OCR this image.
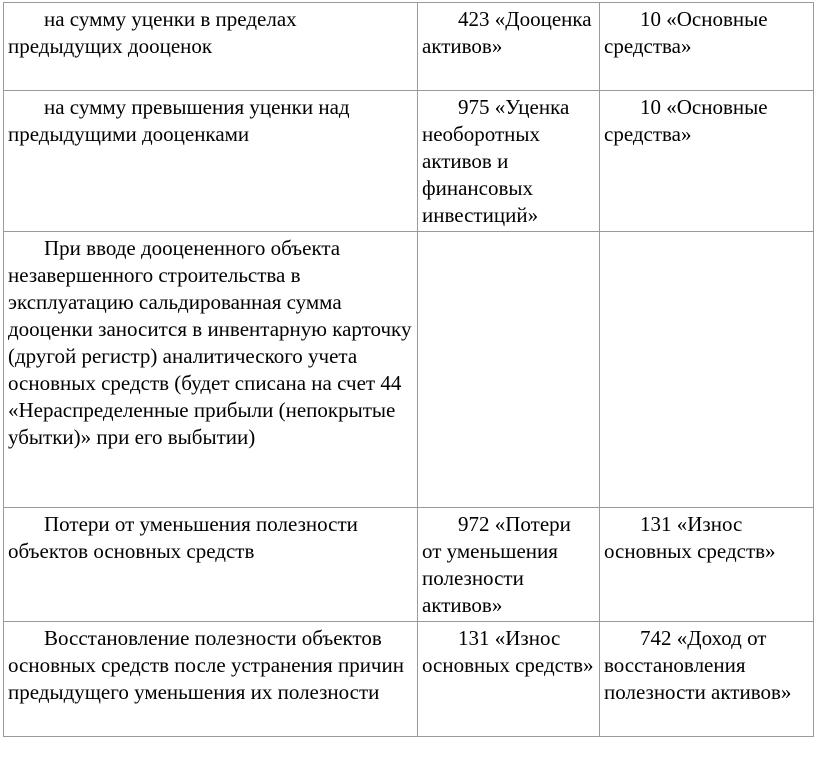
на сумму уценки в пределах предыдущих дооценок	423 «Дооценка активов»	10 «Основные средства»

на сумму превышения уценки над предыдущими дооценками	975 «Уценка необоротных активов и финансовых инвестиций»	10 «Основные средства»

При вводе дооцененного объекта незавершенного строительства в эксплуатацию сальдированная сумма дооценки заносится в инвентарную карточку (другой регистр) аналитического учета основных средств (будет списана на счет 44 «Нераспределенные прибыли (непокрытые убытки)» при его выбытии)		

Потери от уменьшения полезности объектов основных средств	972 «Потери от уменьшения полезности активов»	131 «Износ основных средств»

Восстановление полезности объектов основных средств после устранения причин предыдущего уменьшения их полезности	131 «Износ основных средств»	742 «Доход от восстановления полезности активов»
